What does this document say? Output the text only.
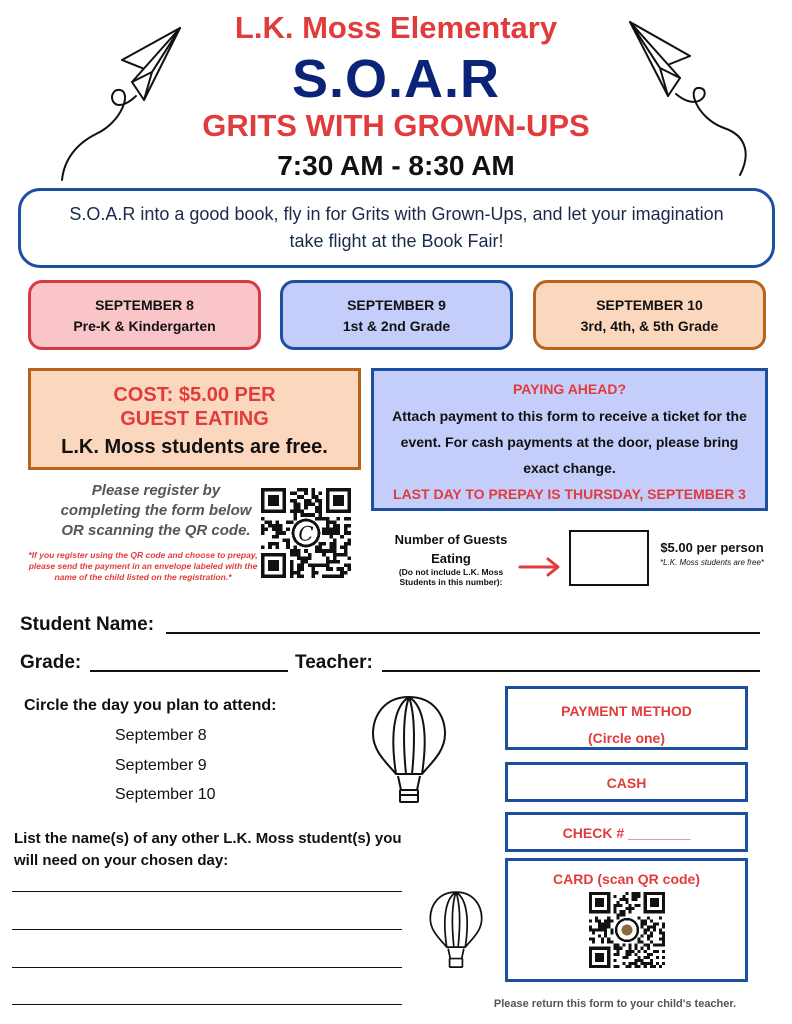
L.K. Moss Elementary
S.O.A.R
GRITS WITH GROWN-UPS
7:30 AM - 8:30 AM
S.O.A.R into a good book, fly in for Grits with Grown-Ups, and let your imagination take flight at the Book Fair!
SEPTEMBER 8
Pre-K & Kindergarten
SEPTEMBER 9
1st & 2nd Grade
SEPTEMBER 10
3rd, 4th, & 5th Grade
COST: $5.00 PER
GUEST EATING
L.K. Moss students are free.
PAYING AHEAD?
Attach payment to this form to receive a ticket for the event. For cash payments at the door, please bring exact change.
LAST DAY TO PREPAY IS THURSDAY, SEPTEMBER 3
Please register by completing the form below OR scanning the QR code.
*If you register using the QR code and choose to prepay, please send the payment in an envelope labeled with the name of the child listed on the registration.*
C	Number of Guests Eating
(Do not include L.K. Moss Students in this number):
$5.00 per person
*L.K. Moss students are free*
Student Name:
Grade:	Teacher:
Circle the day you plan to attend:
September 8
September 9
September 10
List the name(s) of any other L.K. Moss student(s) you will need on your chosen day:
PAYMENT METHOD
(Circle one)
CASH
CHECK # ________
CARD (scan QR code)
Please return this form to your child's teacher.
